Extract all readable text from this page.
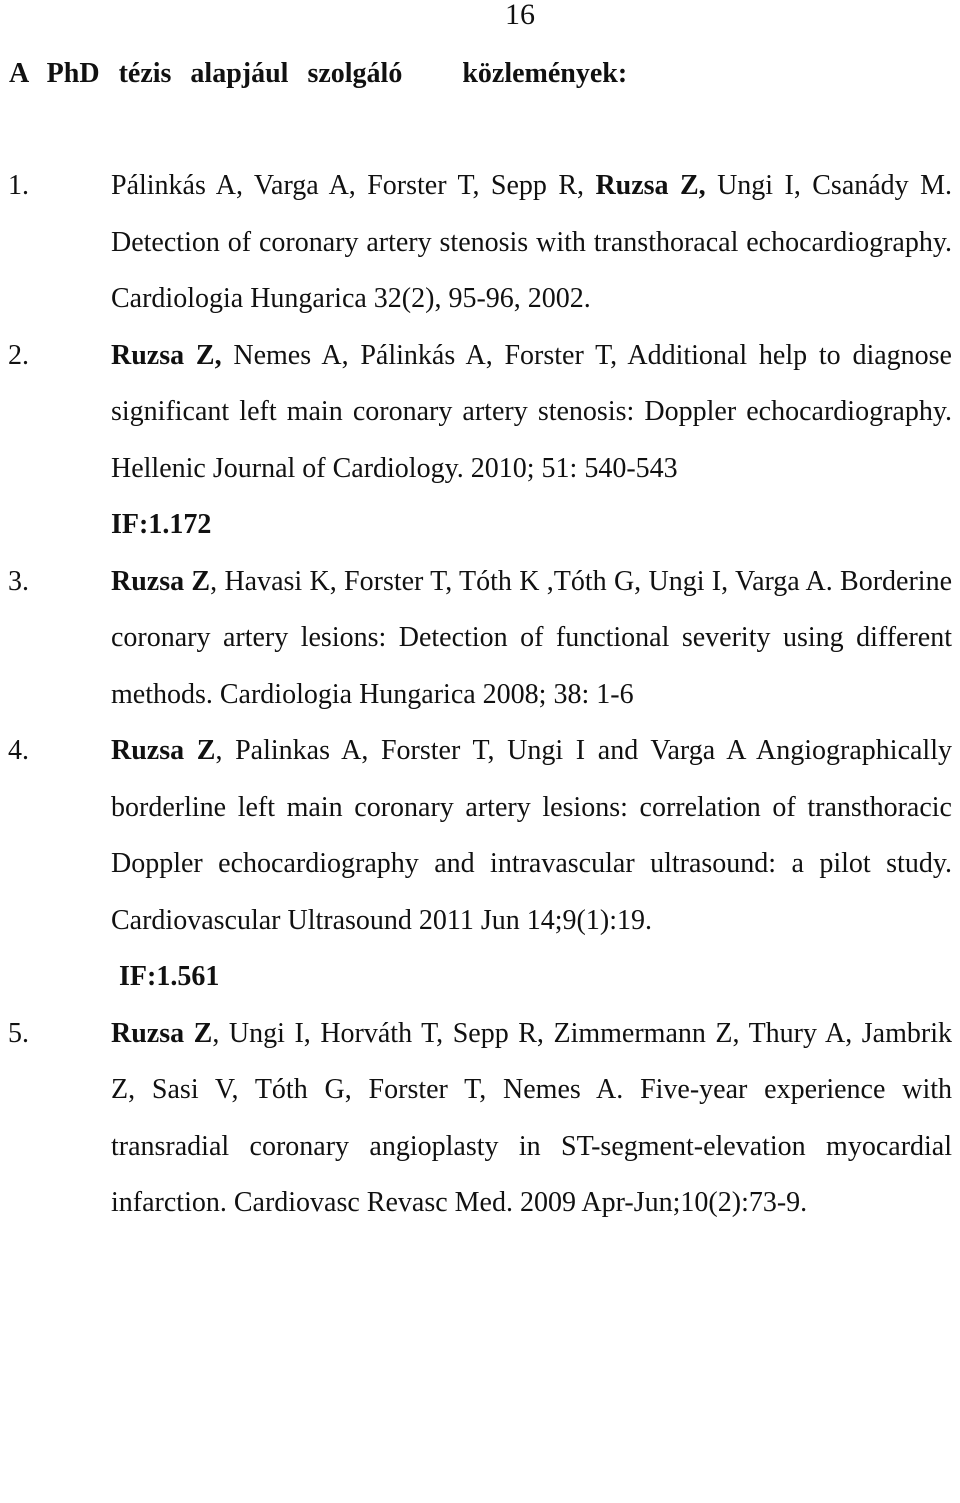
16
A PhD tézis alapjául szolgáló közlemények:
1.	Pálinkás A, Varga A, Forster T, Sepp R, Ruzsa Z, Ungi I, Csanády M. Detection of coronary artery stenosis with transthoracal echocardiography. Cardiologia Hungarica 32(2), 95-96, 2002.
2.	Ruzsa Z, Nemes A, Pálinkás A, Forster T, Additional help to diagnose significant left main coronary artery stenosis: Doppler echocardiography. Hellenic Journal of Cardiology. 2010; 51: 540-543
IF:1.172
3.	Ruzsa Z, Havasi K, Forster T, Tóth K ,Tóth G, Ungi I, Varga A. Borderine coronary artery lesions: Detection of functional severity using different methods. Cardiologia Hungarica 2008; 38: 1-6
4.	Ruzsa Z, Palinkas A, Forster T, Ungi I and Varga A Angiographically borderline left main coronary artery lesions: correlation of transthoracic Doppler echocardiography and intravascular ultrasound: a pilot study. Cardiovascular Ultrasound 2011 Jun 14;9(1):19.
IF:1.561
5.	Ruzsa Z, Ungi I, Horváth T, Sepp R, Zimmermann Z, Thury A, Jambrik Z, Sasi V, Tóth G, Forster T, Nemes A. Five-year experience with transradial coronary angioplasty in ST-segment-elevation myocardial infarction. Cardiovasc Revasc Med. 2009 Apr-Jun;10(2):73-9.
